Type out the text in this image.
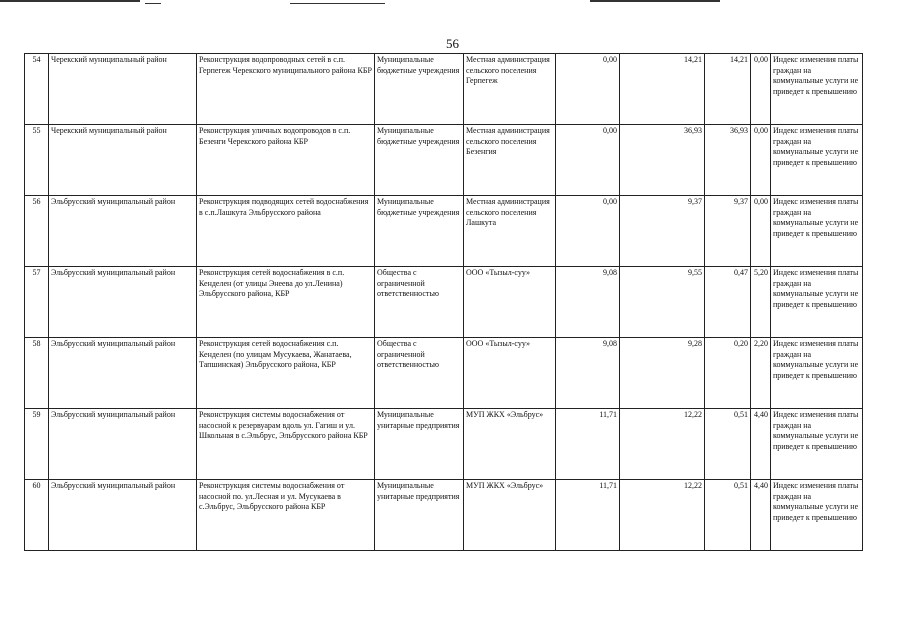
56
54	Черекский муниципальный район	Реконструкция водопроводных сетей в с.п. Герпегеж Черекского муниципального района КБР	Муниципальные бюджетные учреждения	Местная администрация сельского поселения Герпегеж	0,00	14,21	14,21	0,00	Индекс изменения платы граждан на коммунальные услуги не приведет к превышению
55	Черекский муниципальный район	Реконструкция уличных водопроводов в с.п. Безенги Черекского района КБР	Муниципальные бюджетные учреждения	Местная администрация сельского поселения Безенгия	0,00	36,93	36,93	0,00	Индекс изменения платы граждан на коммунальные услуги не приведет к превышению
56	Эльбрусский муниципальный район	Реконструкция подводящих сетей водоснабжения в с.п.Лашкута Эльбрусского района	Муниципальные бюджетные учреждения	Местная администрация сельского поселения Лашкута	0,00	9,37	9,37	0,00	Индекс изменения платы граждан на коммунальные услуги не приведет к превышению
57	Эльбрусский муниципальный район	Реконструкция сетей водоснабжения в с.п. Кенделен (от улицы Энеева до ул.Ленина) Эльбрусского района, КБР	Общества с ограниченной ответственностью	ООО «Тызыл-суу»	9,08	9,55	0,47	5,20	Индекс изменения платы граждан на коммунальные услуги не приведет к превышению
58	Эльбрусский муниципальный район	Реконструкция сетей водоснабжения с.п. Кенделен (по улицам Мусукаева, Жанатаева, Тапшинская) Эльбрусского района, КБР	Общества с ограниченной ответственностью	ООО «Тызыл-суу»	9,08	9,28	0,20	2,20	Индекс изменения платы граждан на коммунальные услуги не приведет к превышению
59	Эльбрусский муниципальный район	Реконструкция системы водоснабжения от насосной к резервуарам вдоль ул. Гагиш и ул. Школьная в с.Эльбрус, Эльбрусского района КБР	Муниципальные унитарные предприятия	МУП ЖКХ «Эльбрус»	11,71	12,22	0,51	4,40	Индекс изменения платы граждан на коммунальные услуги не приведет к превышению
60	Эльбрусский муниципальный район	Реконструкция системы водоснабжения от насосной по. ул.Лесная и ул. Мусукаева в с.Эльбрус, Эльбрусского района КБР	Муниципальные унитарные предприятия	МУП ЖКХ «Эльбрус»	11,71	12,22	0,51	4,40	Индекс изменения платы граждан на коммунальные услуги не приведет к превышению
